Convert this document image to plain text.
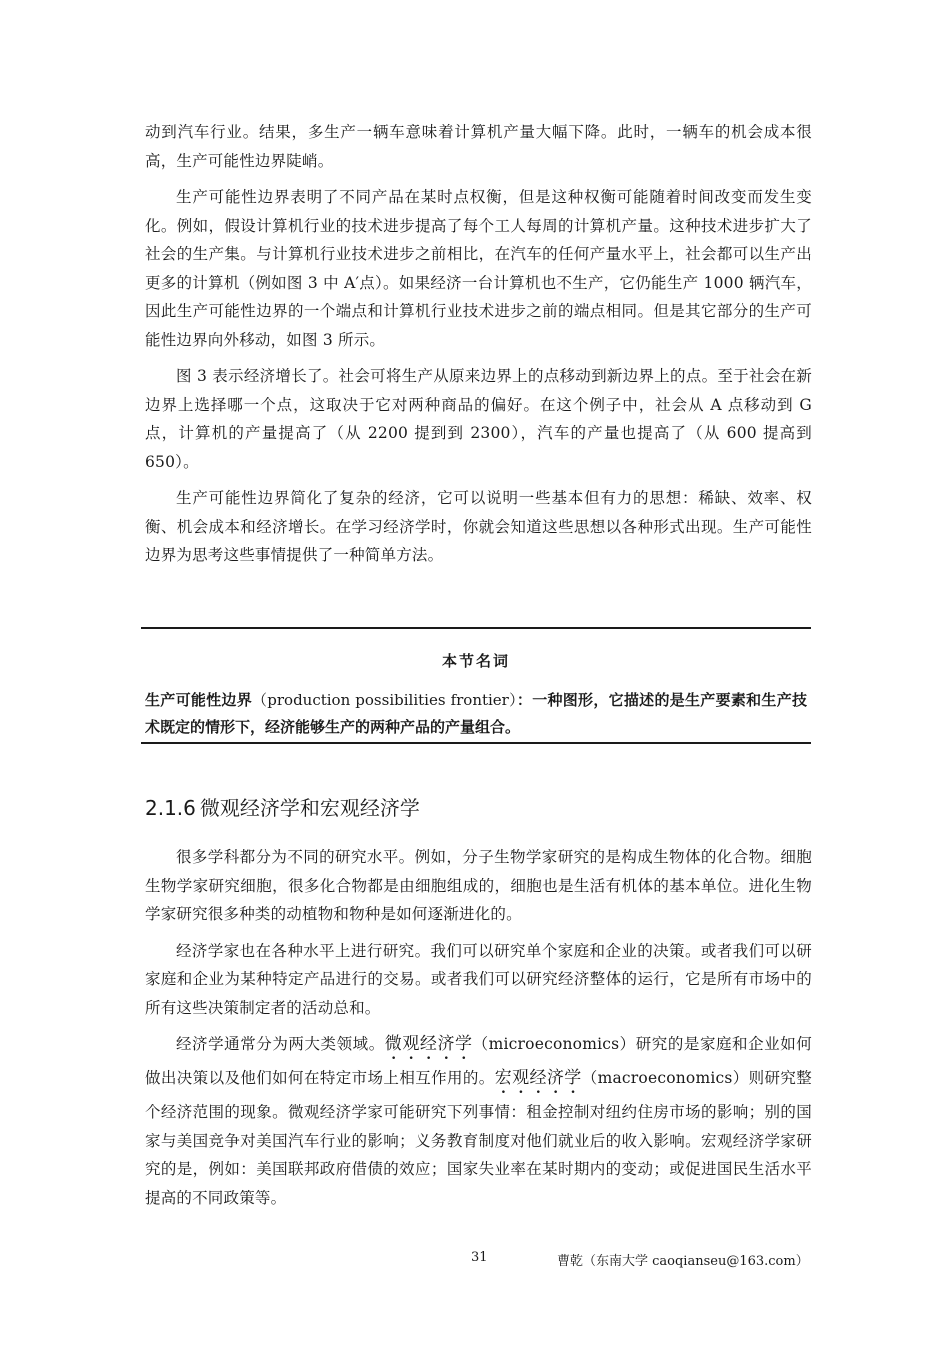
动到汽车行业。结果，多生产一辆车意味着计算机产量大幅下降。此时，一辆车的机会成本很高，生产可能性边界陡峭。

生产可能性边界表明了不同产品在某时点权衡，但是这种权衡可能随着时间改变而发生变化。例如，假设计算机行业的技术进步提高了每个工人每周的计算机产量。这种技术进步扩大了社会的生产集。与计算机行业技术进步之前相比，在汽车的任何产量水平上，社会都可以生产出更多的计算机（例如图 3 中 A′点）。如果经济一台计算机也不生产，它仍能生产 1000 辆汽车，因此生产可能性边界的一个端点和计算机行业技术进步之前的端点相同。但是其它部分的生产可能性边界向外移动，如图 3 所示。

图 3 表示经济增长了。社会可将生产从原来边界上的点移动到新边界上的点。至于社会在新边界上选择哪一个点，这取决于它对两种商品的偏好。在这个例子中，社会从 A 点移动到 G 点，计算机的产量提高了（从 2200 提到到 2300），汽车的产量也提高了（从 600 提高到 650）。

生产可能性边界简化了复杂的经济，它可以说明一些基本但有力的思想：稀缺、效率、权衡、机会成本和经济增长。在学习经济学时，你就会知道这些思想以各种形式出现。生产可能性边界为思考这些事情提供了一种简单方法。

本节名词
生产可能性边界（production possibilities frontier）：一种图形，它描述的是生产要素和生产技术既定的情形下，经济能够生产的两种产品的产量组合。
2.1.6 微观经济学和宏观经济学

很多学科都分为不同的研究水平。例如，分子生物学家研究的是构成生物体的化合物。细胞生物学家研究细胞，很多化合物都是由细胞组成的，细胞也是生活有机体的基本单位。进化生物学家研究很多种类的动植物和物种是如何逐渐进化的。

经济学家也在各种水平上进行研究。我们可以研究单个家庭和企业的决策。或者我们可以研家庭和企业为某种特定产品进行的交易。或者我们可以研究经济整体的运行，它是所有市场中的所有这些决策制定者的活动总和。

经济学通常分为两大类领域。微观经济学（microeconomics）研究的是家庭和企业如何做出决策以及他们如何在特定市场上相互作用的。宏观经济学（macroeconomics）则研究整个经济范围的现象。微观经济学家可能研究下列事情：租金控制对纽约住房市场的影响；别的国家与美国竞争对美国汽车行业的影响；义务教育制度对他们就业后的收入影响。宏观经济学家研究的是，例如：美国联邦政府借债的效应；国家失业率在某时期内的变动；或促进国民生活水平提高的不同政策等。

31	曹乾（东南大学 caoqianseu@163.com）
